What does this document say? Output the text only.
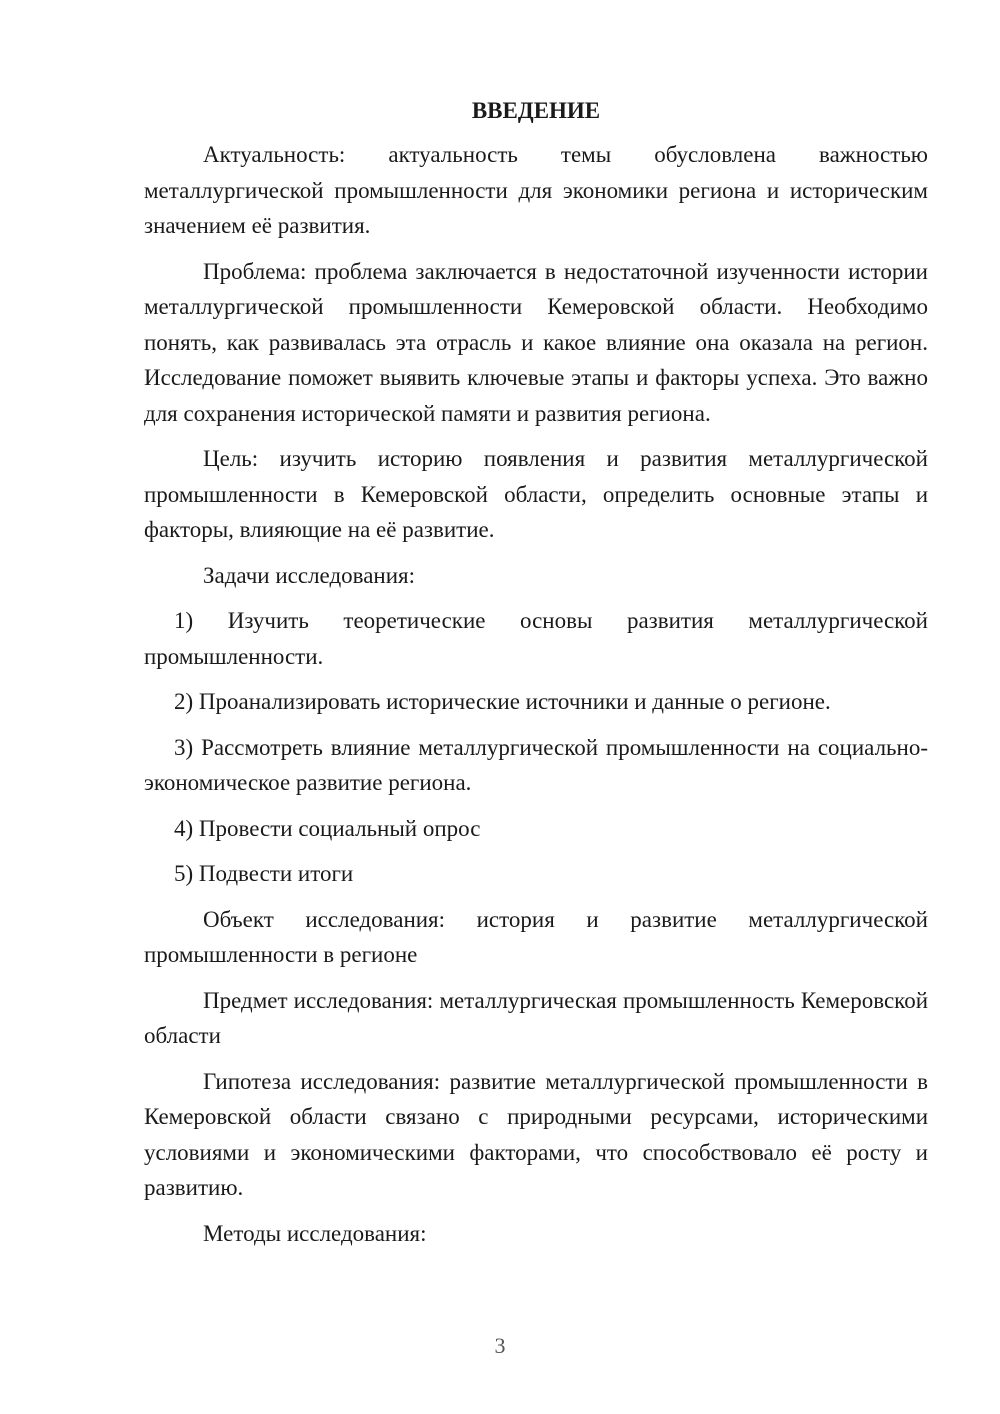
ВВЕДЕНИЕ

Актуальность: актуальность темы обусловлена важностью металлургической промышленности для экономики региона и историческим значением её развития.

Проблема: проблема заключается в недостаточной изученности истории металлургической промышленности Кемеровской области. Необходимо понять, как развивалась эта отрасль и какое влияние она оказала на регион. Исследование поможет выявить ключевые этапы и факторы успеха. Это важно для сохранения исторической памяти и развития региона.

Цель: изучить историю появления и развития металлургической промышленности в Кемеровской области, определить основные этапы и факторы, влияющие на её развитие.

Задачи исследования:

1) Изучить теоретические основы развития металлургической промышленности.

2) Проанализировать исторические источники и данные о регионе.

3) Рассмотреть влияние металлургической промышленности на социально-экономическое развитие региона.

4) Провести социальный опрос

5) Подвести итоги

Объект исследования: история и развитие металлургической промышленности в регионе

Предмет исследования: металлургическая промышленность Кемеровской области

Гипотеза исследования: развитие металлургической промышленности в Кемеровской области связано с природными ресурсами, историческими условиями и экономическими факторами, что способствовало её росту и развитию.

Методы исследования:

3
